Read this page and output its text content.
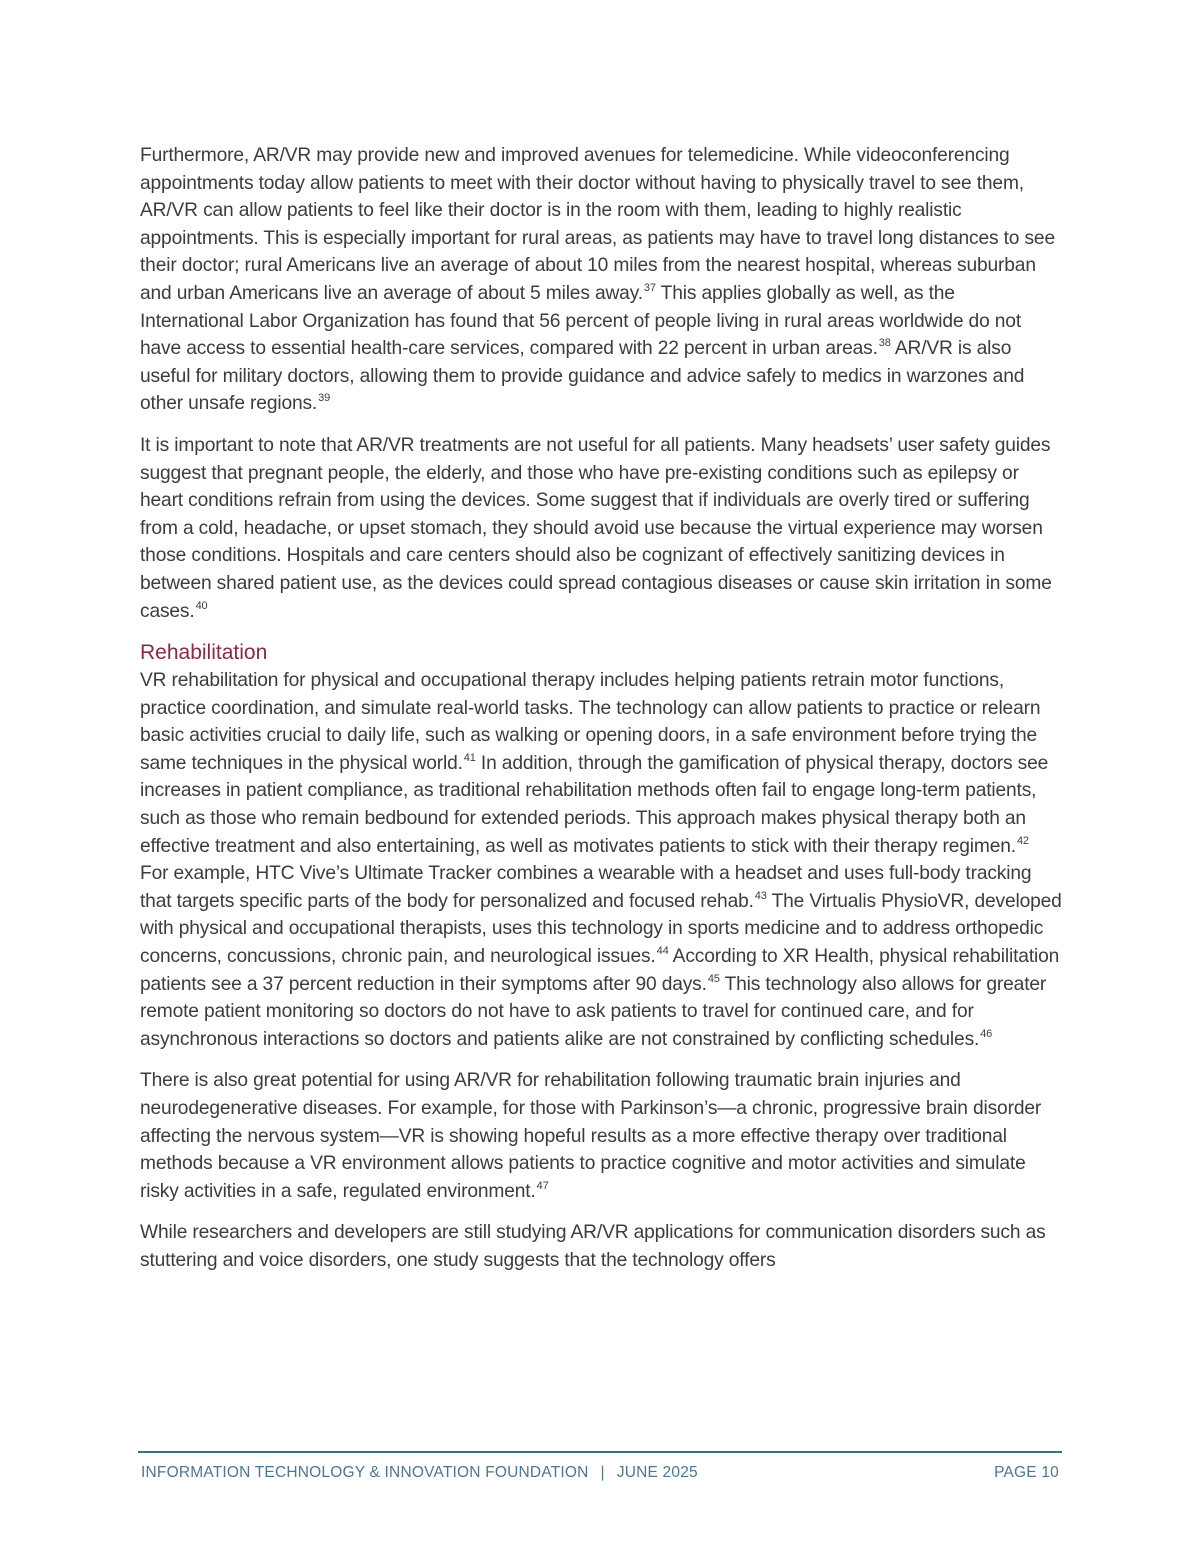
Furthermore, AR/VR may provide new and improved avenues for telemedicine. While videoconferencing appointments today allow patients to meet with their doctor without having to physically travel to see them, AR/VR can allow patients to feel like their doctor is in the room with them, leading to highly realistic appointments. This is especially important for rural areas, as patients may have to travel long distances to see their doctor; rural Americans live an average of about 10 miles from the nearest hospital, whereas suburban and urban Americans live an average of about 5 miles away.$^{37}$ This applies globally as well, as the International Labor Organization has found that 56 percent of people living in rural areas worldwide do not have access to essential health-care services, compared with 22 percent in urban areas.$^{38}$ AR/VR is also useful for military doctors, allowing them to provide guidance and advice safely to medics in warzones and other unsafe regions.$^{39}$

It is important to note that AR/VR treatments are not useful for all patients. Many headsets’ user safety guides suggest that pregnant people, the elderly, and those who have pre-existing conditions such as epilepsy or heart conditions refrain from using the devices. Some suggest that if individuals are overly tired or suffering from a cold, headache, or upset stomach, they should avoid use because the virtual experience may worsen those conditions. Hospitals and care centers should also be cognizant of effectively sanitizing devices in between shared patient use, as the devices could spread contagious diseases or cause skin irritation in some cases.$^{40}$

Rehabilitation

VR rehabilitation for physical and occupational therapy includes helping patients retrain motor functions, practice coordination, and simulate real-world tasks. The technology can allow patients to practice or relearn basic activities crucial to daily life, such as walking or opening doors, in a safe environment before trying the same techniques in the physical world.$^{41}$ In addition, through the gamification of physical therapy, doctors see increases in patient compliance, as traditional rehabilitation methods often fail to engage long-term patients, such as those who remain bedbound for extended periods. This approach makes physical therapy both an effective treatment and also entertaining, as well as motivates patients to stick with their therapy regimen.$^{42}$ For example, HTC Vive’s Ultimate Tracker combines a wearable with a headset and uses full-body tracking that targets specific parts of the body for personalized and focused rehab.$^{43}$ The Virtualis PhysioVR, developed with physical and occupational therapists, uses this technology in sports medicine and to address orthopedic concerns, concussions, chronic pain, and neurological issues.$^{44}$ According to XR Health, physical rehabilitation patients see a 37 percent reduction in their symptoms after 90 days.$^{45}$ This technology also allows for greater remote patient monitoring so doctors do not have to ask patients to travel for continued care, and for asynchronous interactions so doctors and patients alike are not constrained by conflicting schedules.$^{46}$

There is also great potential for using AR/VR for rehabilitation following traumatic brain injuries and neurodegenerative diseases. For example, for those with Parkinson’s—a chronic, progressive brain disorder affecting the nervous system—VR is showing hopeful results as a more effective therapy over traditional methods because a VR environment allows patients to practice cognitive and motor activities and simulate risky activities in a safe, regulated environment.$^{47}$

While researchers and developers are still studying AR/VR applications for communication disorders such as stuttering and voice disorders, one study suggests that the technology offers

INFORMATION TECHNOLOGY & INNOVATION FOUNDATION | JUNE 2025	PAGE 10
